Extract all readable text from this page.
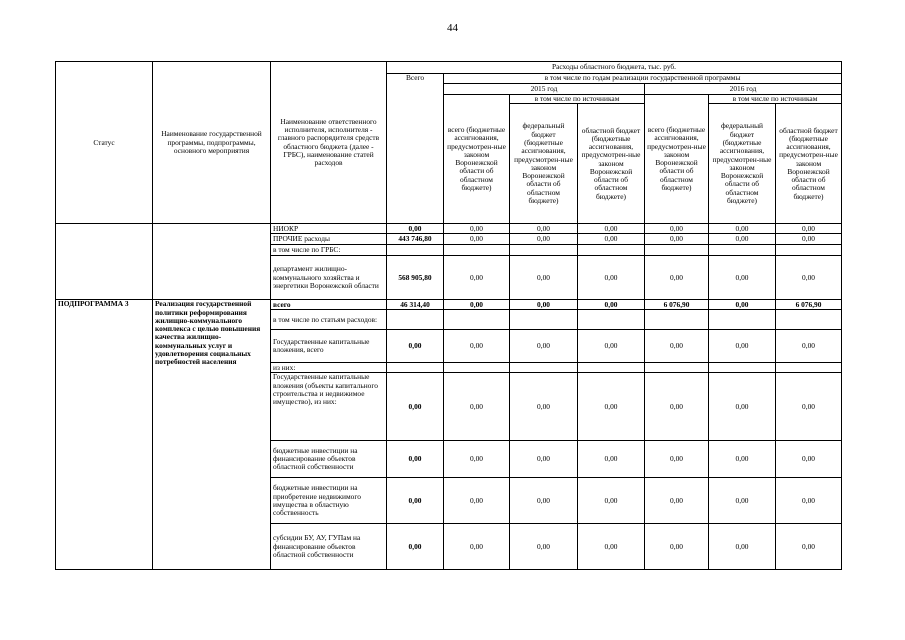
44
Статус	Наименование государственной программы, подпрограммы, основного мероприятия	Наименование ответственного исполнителя, исполнителя - главного распорядителя средств областного бюджета (далее - ГРБС), наименование статей расходов	Расходы областного бюджета, тыс. руб.						
			Всего	в том числе по годам реализации государственной программы					
				2015 год			2016 год		
				всего (бюджетные ассигнования, предусмотрен-ные законом Воронежской области об областном бюджете)	в том числе по источникам		всего (бюджетные ассигнования, предусмотрен-ные законом Воронежской области об областном бюджете)	в том числе по источникам	
					федеральный бюджет (бюджетные ассигнования, предусмотрен-ные законом Воронежской области об областном бюджете)	областной бюджет (бюджетные ассигнования, предусмотрен-ные законом Воронежской области об областном бюджете)		федеральный бюджет (бюджетные ассигнования, предусмотрен-ные законом Воронежской области об областном бюджете)	областной бюджет (бюджетные ассигнования, предусмотрен-ные законом Воронежской области об областном бюджете)
		НИОКР	0,00	0,00	0,00	0,00	0,00	0,00	0,00
		ПРОЧИЕ расходы	443 746,80	0,00	0,00	0,00	0,00	0,00	0,00
		в том числе по ГРБС:							
		департамент жилищно-коммунального хозяйства и энергетики Воронежской области	568 905,80	0,00	0,00	0,00	0,00	0,00	0,00
ПОДПРОГРАММА 3	Реализация государственной политики реформирования жилищно-коммунального комплекса с целью повышения качества жилищно-коммунальных услуг и удовлетворения социальных потребностей населения	всего	46 314,40	0,00	0,00	0,00	6 076,90	0,00	6 076,90
		в том числе по статьям расходов:							
		Государственные капитальные вложения, всего	0,00	0,00	0,00	0,00	0,00	0,00	0,00
		из них:							
		Государственные капитальные вложения (объекты капитального строительства и недвижимое имущество), из них:	0,00	0,00	0,00	0,00	0,00	0,00	0,00
		бюджетные инвестиции на финансирование объектов областной собственности	0,00	0,00	0,00	0,00	0,00	0,00	0,00
		бюджетные инвестиции на приобретение недвижимого имущества в областную собственность	0,00	0,00	0,00	0,00	0,00	0,00	0,00
		субсидии БУ, АУ, ГУПам на финансирование объектов областной собственности	0,00	0,00	0,00	0,00	0,00	0,00	0,00
